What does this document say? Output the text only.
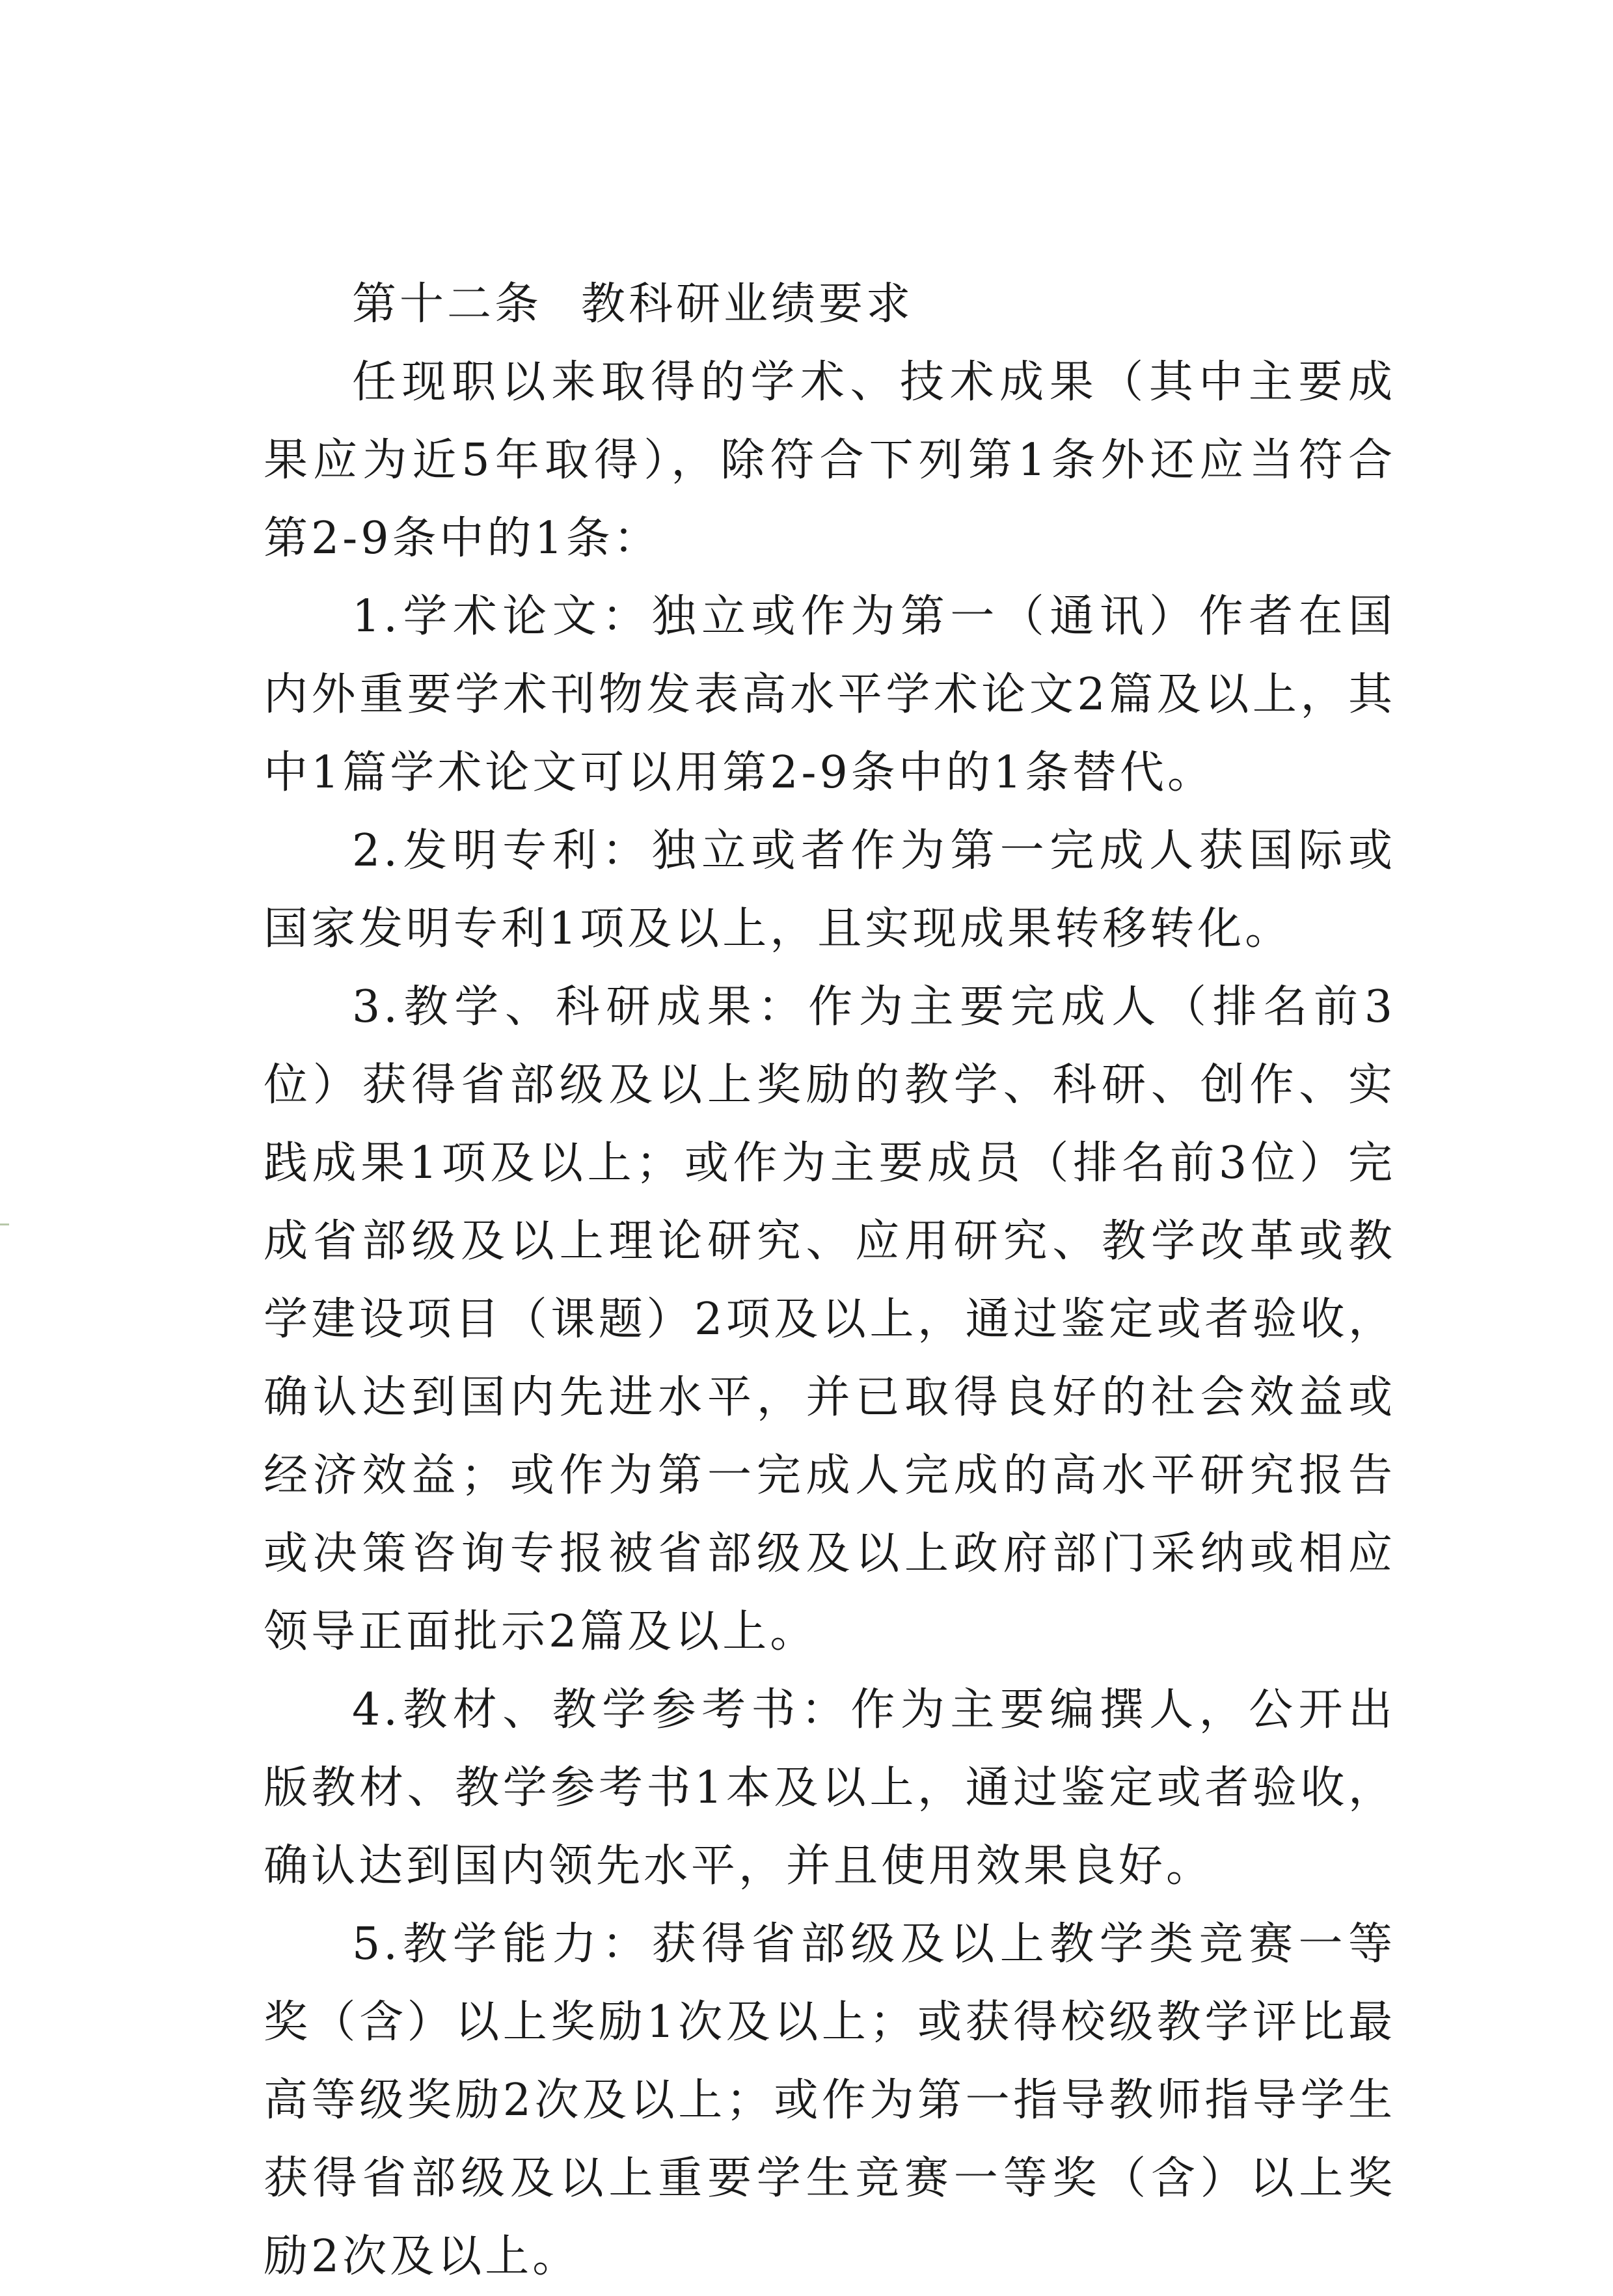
第十二条 教科研业绩要求

任现职以来取得的学术、技术成果（其中主要成果应为近5年取得），除符合下列第1条外还应当符合第2-9条中的1条：

1.学术论文：独立或作为第一（通讯）作者在国内外重要学术刊物发表高水平学术论文2篇及以上，其中1篇学术论文可以用第2-9条中的1条替代。

2.发明专利：独立或者作为第一完成人获国际或国家发明专利1项及以上，且实现成果转移转化。

3.教学、科研成果：作为主要完成人（排名前3位）获得省部级及以上奖励的教学、科研、创作、实践成果1项及以上；或作为主要成员（排名前3位）完成省部级及以上理论研究、应用研究、教学改革或教学建设项目（课题）2项及以上，通过鉴定或者验收，确认达到国内先进水平，并已取得良好的社会效益或经济效益；或作为第一完成人完成的高水平研究报告或决策咨询专报被省部级及以上政府部门采纳或相应领导正面批示2篇及以上。

4.教材、教学参考书：作为主要编撰人，公开出版教材、教学参考书1本及以上，通过鉴定或者验收，确认达到国内领先水平，并且使用效果良好。

5.教学能力：获得省部级及以上教学类竞赛一等奖（含）以上奖励1次及以上；或获得校级教学评比最高等级奖励2次及以上；或作为第一指导教师指导学生获得省部级及以上重要学生竞赛一等奖（含）以上奖励2次及以上。
